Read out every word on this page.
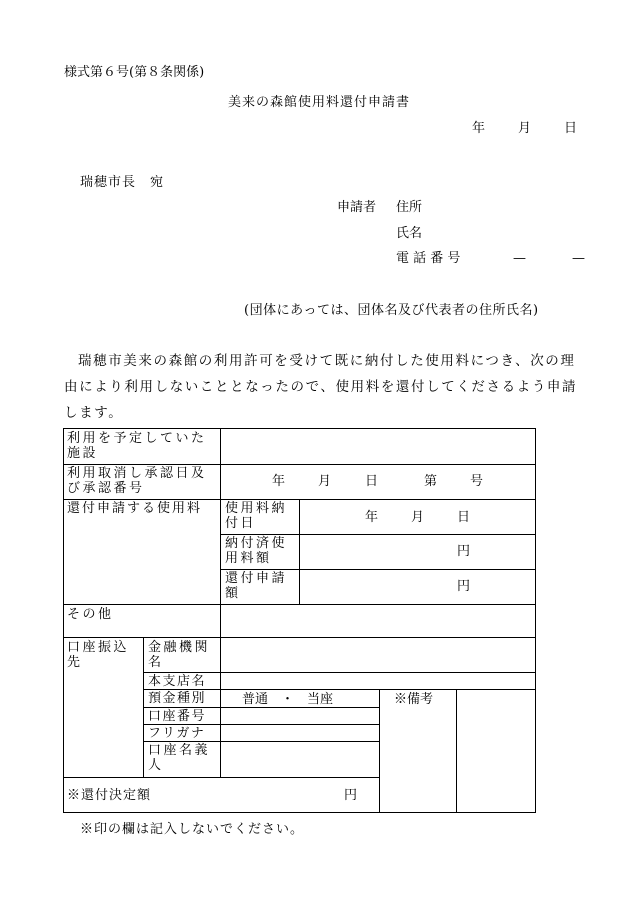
様式第６号(第８条関係)
美来の森館使用料還付申請書
年	月	日
瑞穂市長　宛
申請者 住所
氏名
電 話 番 号	—	—
(団体にあっては、団体名及び代表者の住所氏名)
瑞穂市美来の森館の利用許可を受けて既に納付した使用料につき、次の理由により利用しないこととなったので、使用料を還付してくださるよう申請します。
利用を予定していた施設
利用取消し承認日及び承認番号	年	月	日	第	号
還付申請する使用料	使用料納付日	年	月	日
納付済使用料額	円
還付申請額	円
その他
口座振込先
金融機関名
本支店名
預金種別	普通　・　当座	※備考
口座番号
フリガナ
口座名義人
※還付決定額	円
※印の欄は記入しないでください。
